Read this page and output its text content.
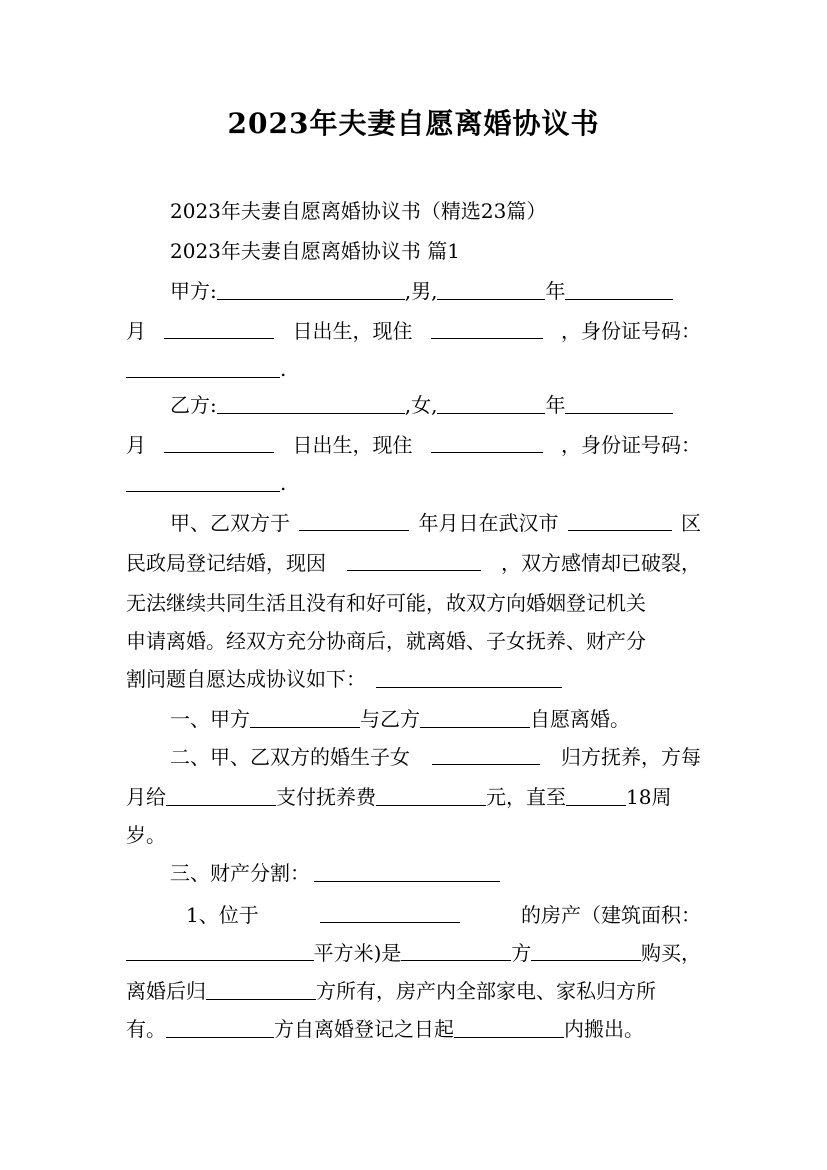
2023年夫妻自愿离婚协议书
2023年夫妻自愿离婚协议书（精选23篇）
2023年夫妻自愿离婚协议书 篇1
甲方:	,男,	年
月	日出生，现住	，身份证号码：
.
乙方:	,女,	年
月	日出生，现住	，身份证号码：
.
甲、乙双方于	年月日在武汉市	区
民政局登记结婚，现因	，双方感情却已破裂，
无法继续共同生活且没有和好可能，故双方向婚姻登记机关
申请离婚。经双方充分协商后，就离婚、子女抚养、财产分
割问题自愿达成协议如下：
一、甲方	与乙方	自愿离婚。
二、甲、乙双方的婚生子女	归方抚养，方每
月给	支付抚养费	元，直至	18周
岁。
三、财产分割：
1、位于	的房产（建筑面积：
平方米)是	方	购买，
离婚后归	方所有，房产内全部家电、家私归方所
有。	方自离婚登记之日起	内搬出。
